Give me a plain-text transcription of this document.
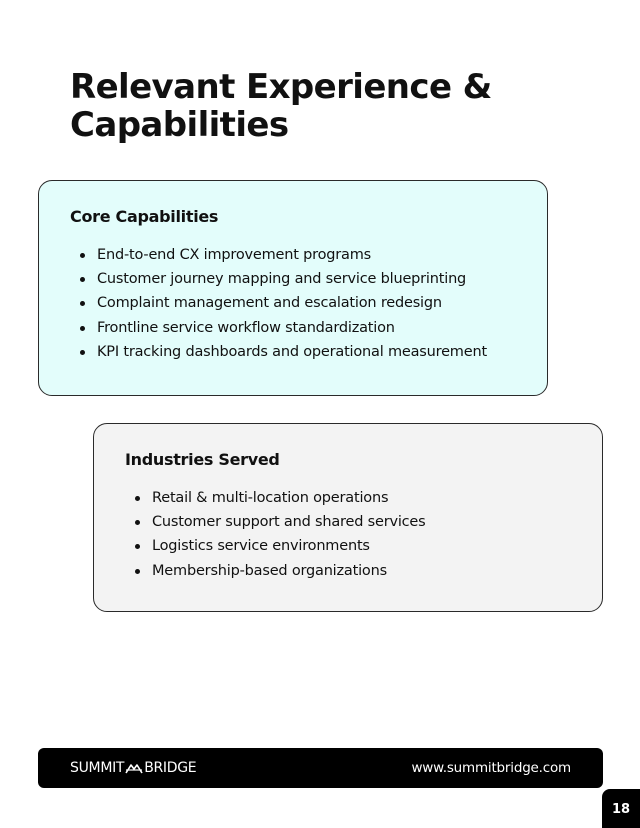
Relevant Experience & Capabilities
Core Capabilities
End-to-end CX improvement programs
Customer journey mapping and service blueprinting
Complaint management and escalation redesign
Frontline service workflow standardization
KPI tracking dashboards and operational measurement
Industries Served
Retail & multi-location operations
Customer support and shared services
Logistics service environments
Membership-based organizations
SUMMIT BRIDGE	www.summitbridge.com
18
